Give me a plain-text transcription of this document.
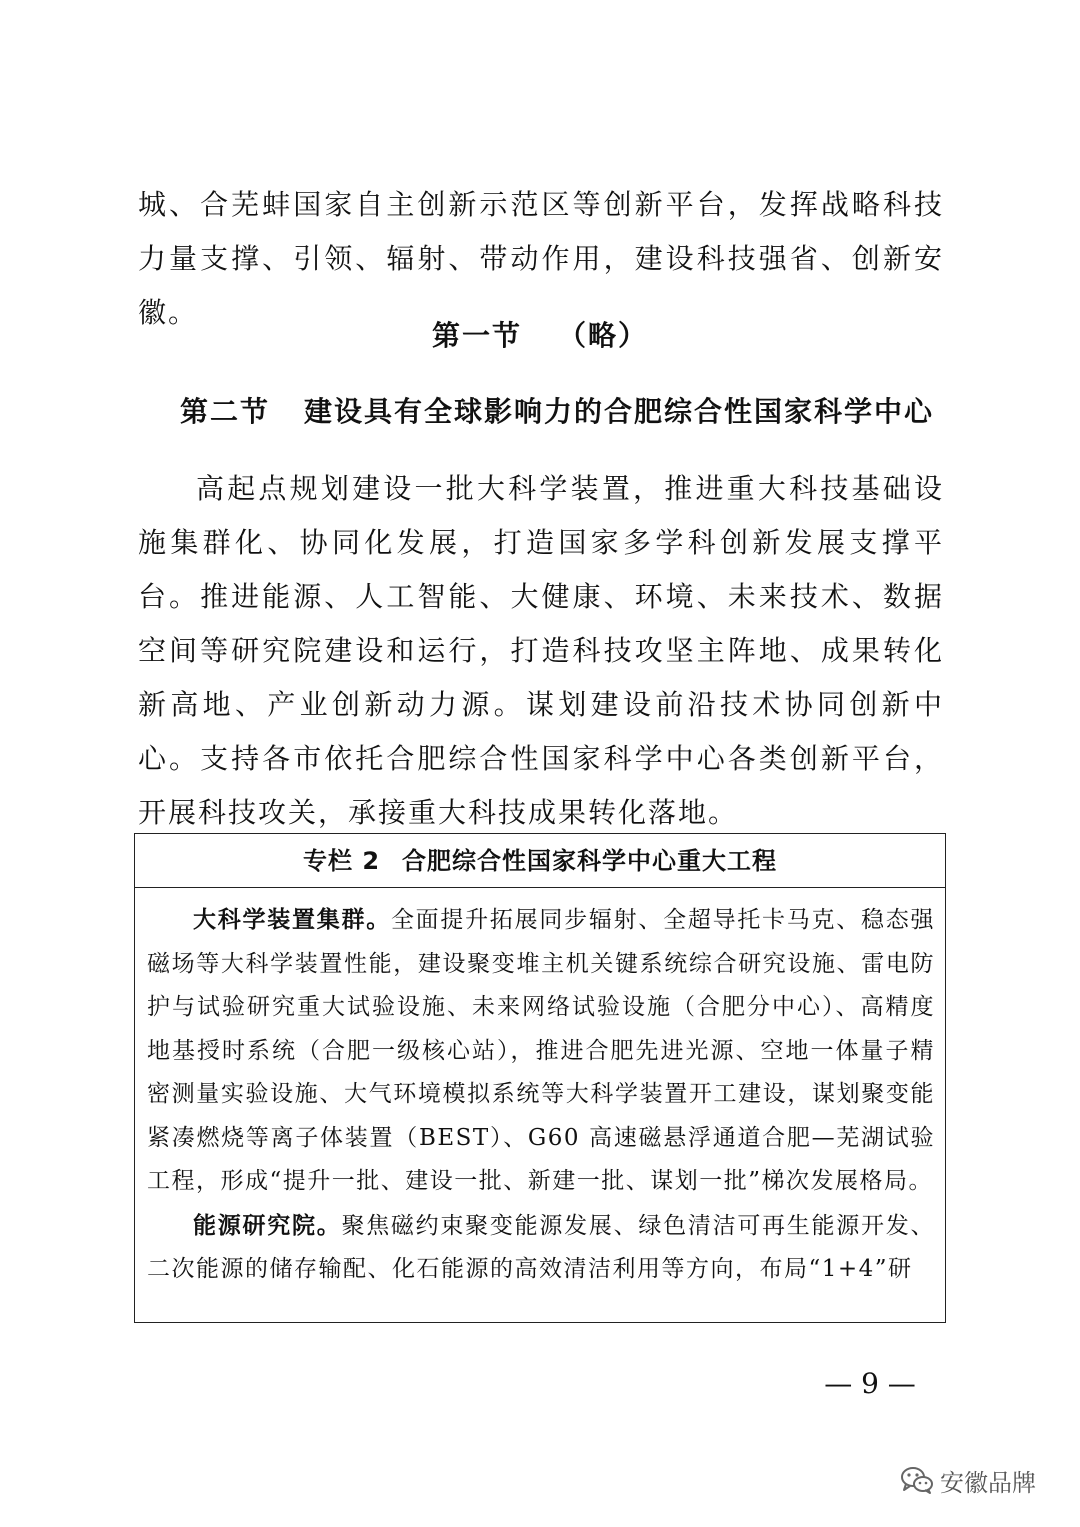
城、合芜蚌国家自主创新示范区等创新平台，发挥战略科技力量支撑、引领、辐射、带动作用，建设科技强省、创新安徽。

第一节 （略）
第二节 建设具有全球影响力的合肥综合性国家科学中心

高起点规划建设一批大科学装置，推进重大科技基础设施集群化、协同化发展，打造国家多学科创新发展支撑平台。推进能源、人工智能、大健康、环境、未来技术、数据空间等研究院建设和运行，打造科技攻坚主阵地、成果转化新高地、产业创新动力源。谋划建设前沿技术协同创新中心。支持各市依托合肥综合性国家科学中心各类创新平台，开展科技攻关，承接重大科技成果转化落地。

专栏 2 合肥综合性国家科学中心重大工程

大科学装置集群。全面提升拓展同步辐射、全超导托卡马克、稳态强磁场等大科学装置性能，建设聚变堆主机关键系统综合研究设施、雷电防护与试验研究重大试验设施、未来网络试验设施（合肥分中心）、高精度地基授时系统（合肥一级核心站），推进合肥先进光源、空地一体量子精密测量实验设施、大气环境模拟系统等大科学装置开工建设，谋划聚变能紧凑燃烧等离子体装置（BEST）、G60 高速磁悬浮通道合肥—芜湖试验工程，形成“提升一批、建设一批、新建一批、谋划一批”梯次发展格局。

能源研究院。聚焦磁约束聚变能源发展、绿色清洁可再生能源开发、二次能源的储存输配、化石能源的高效清洁利用等方向，布局“1+4”研

— 9 —
安徽品牌
